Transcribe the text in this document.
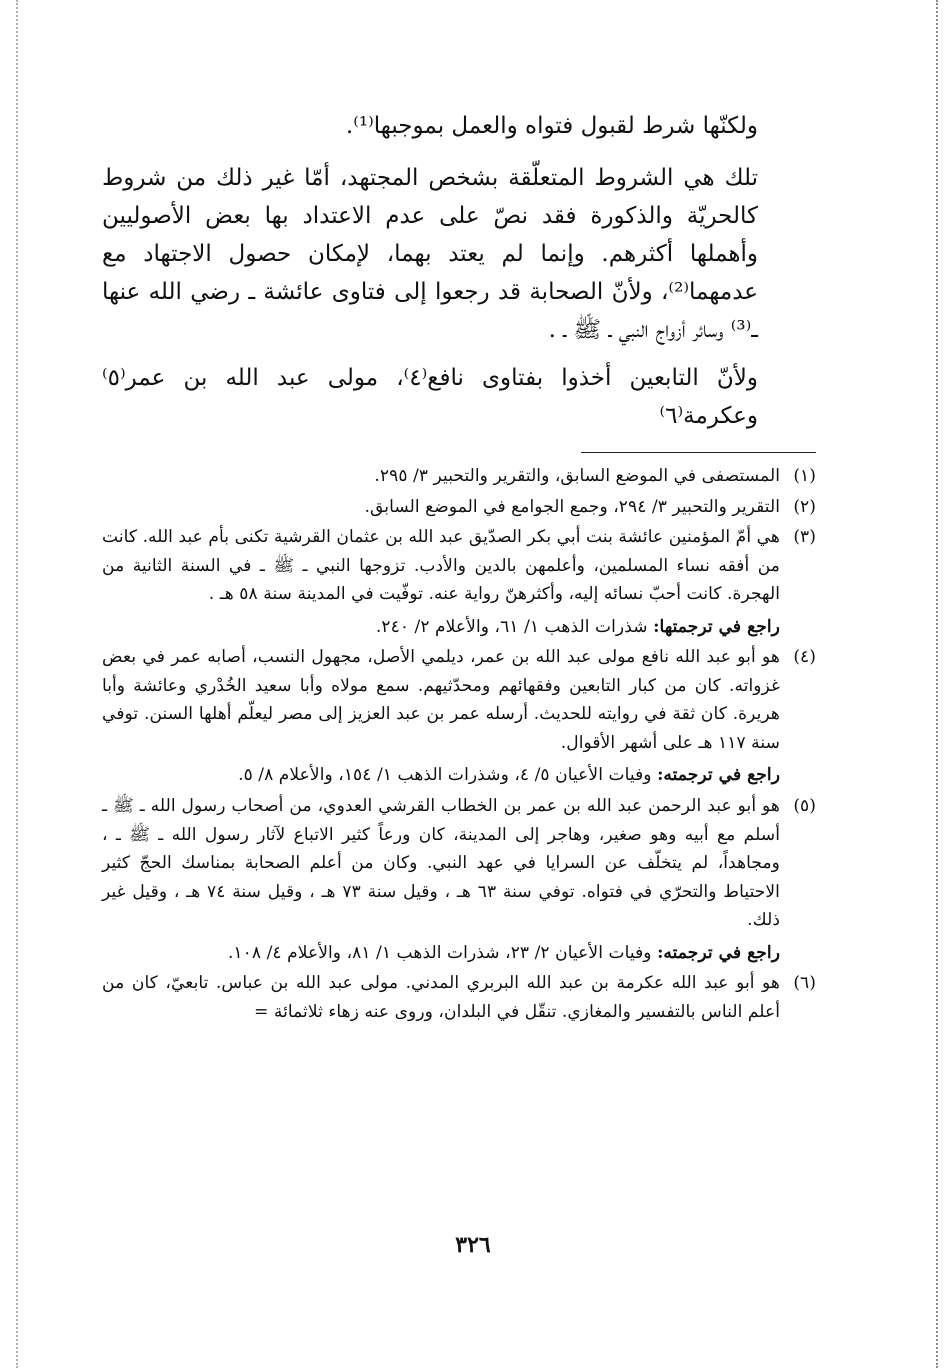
ولكنّها شرط لقبول فتواه والعمل بموجبها⁽¹⁾.

تلك هي الشروط المتعلّقة بشخص المجتهد، أمّا غير ذلك من شروط كالحريّة والذكورة فقد نصّ على عدم الاعتداد بها بعض الأصوليين وأهملها أكثرهم. وإنما لم يعتد بهما، لإمكان حصول الاجتهاد مع عدمهما⁽²⁾، ولأنّ الصحابة قد رجعوا إلى فتاوى عائشة ـ رضي الله عنها ـ⁽³⁾ وسائر أزواج النبي ـ ﷺ ـ .

ولأنّ التابعين أخذوا بفتاوى نافع⁽٤⁾، مولى عبد الله بن عمر⁽٥⁾ وعكرمة⁽٦⁾

(١)
المستصفى في الموضع السابق، والتقرير والتحبير ٣/ ٢٩٥.
(٢)
التقرير والتحبير ٣/ ٢٩٤، وجمع الجوامع في الموضع السابق.
(٣)
هي أمّ المؤمنين عائشة بنت أبي بكر الصدّيق عبد الله بن عثمان القرشية تكنى بأم عبد الله. كانت من أفقه نساء المسلمين، وأعلمهن بالدين والأدب. تزوجها النبي ـ ﷺ ـ في السنة الثانية من الهجرة. كانت أحبّ نسائه إليه، وأكثرهنّ رواية عنه. توفّيت في المدينة سنة ٥٨ هـ .
راجع في ترجمتها: شذرات الذهب ١/ ٦١، والأعلام ٢/ ٢٤٠.
(٤)
هو أبو عبد الله نافع مولى عبد الله بن عمر، ديلمي الأصل، مجهول النسب، أصابه عمر في بعض غزواته. كان من كبار التابعين وفقهائهم ومحدّثيهم. سمع مولاه وأبا سعيد الخُدْري وعائشة وأبا هريرة. كان ثقة في روايته للحديث. أرسله عمر بن عبد العزيز إلى مصر ليعلّم أهلها السنن. توفي سنة ١١٧ هـ على أشهر الأقوال.
راجع في ترجمته: وفيات الأعيان ٥/ ٤، وشذرات الذهب ١/ ١٥٤، والأعلام ٨/ ٥.
(٥)
هو أبو عبد الرحمن عبد الله بن عمر بن الخطاب القرشي العدوي، من أصحاب رسول الله ـ ﷺ ـ أسلم مع أبيه وهو صغير، وهاجر إلى المدينة، كان ورعاً كثير الاتباع لآثار رسول الله ـ ﷺ ـ ، ومجاهداً، لم يتخلّف عن السرايا في عهد النبي. وكان من أعلم الصحابة بمناسك الحجّ كثير الاحتياط والتحرّي في فتواه. توفي سنة ٦٣ هـ ، وقيل سنة ٧٣ هـ ، وقيل سنة ٧٤ هـ ، وقيل غير ذلك.
راجع في ترجمته: وفيات الأعيان ٢/ ٢٣، شذرات الذهب ١/ ٨١، والأعلام ٤/ ١٠٨.
(٦)
هو أبو عبد الله عكرمة بن عبد الله البربري المدني. مولى عبد الله بن عباس. تابعيّ، كان من أعلم الناس بالتفسير والمغازي. تنقّل في البلدان، وروى عنه زهاء ثلاثمائة =
٣٢٦
